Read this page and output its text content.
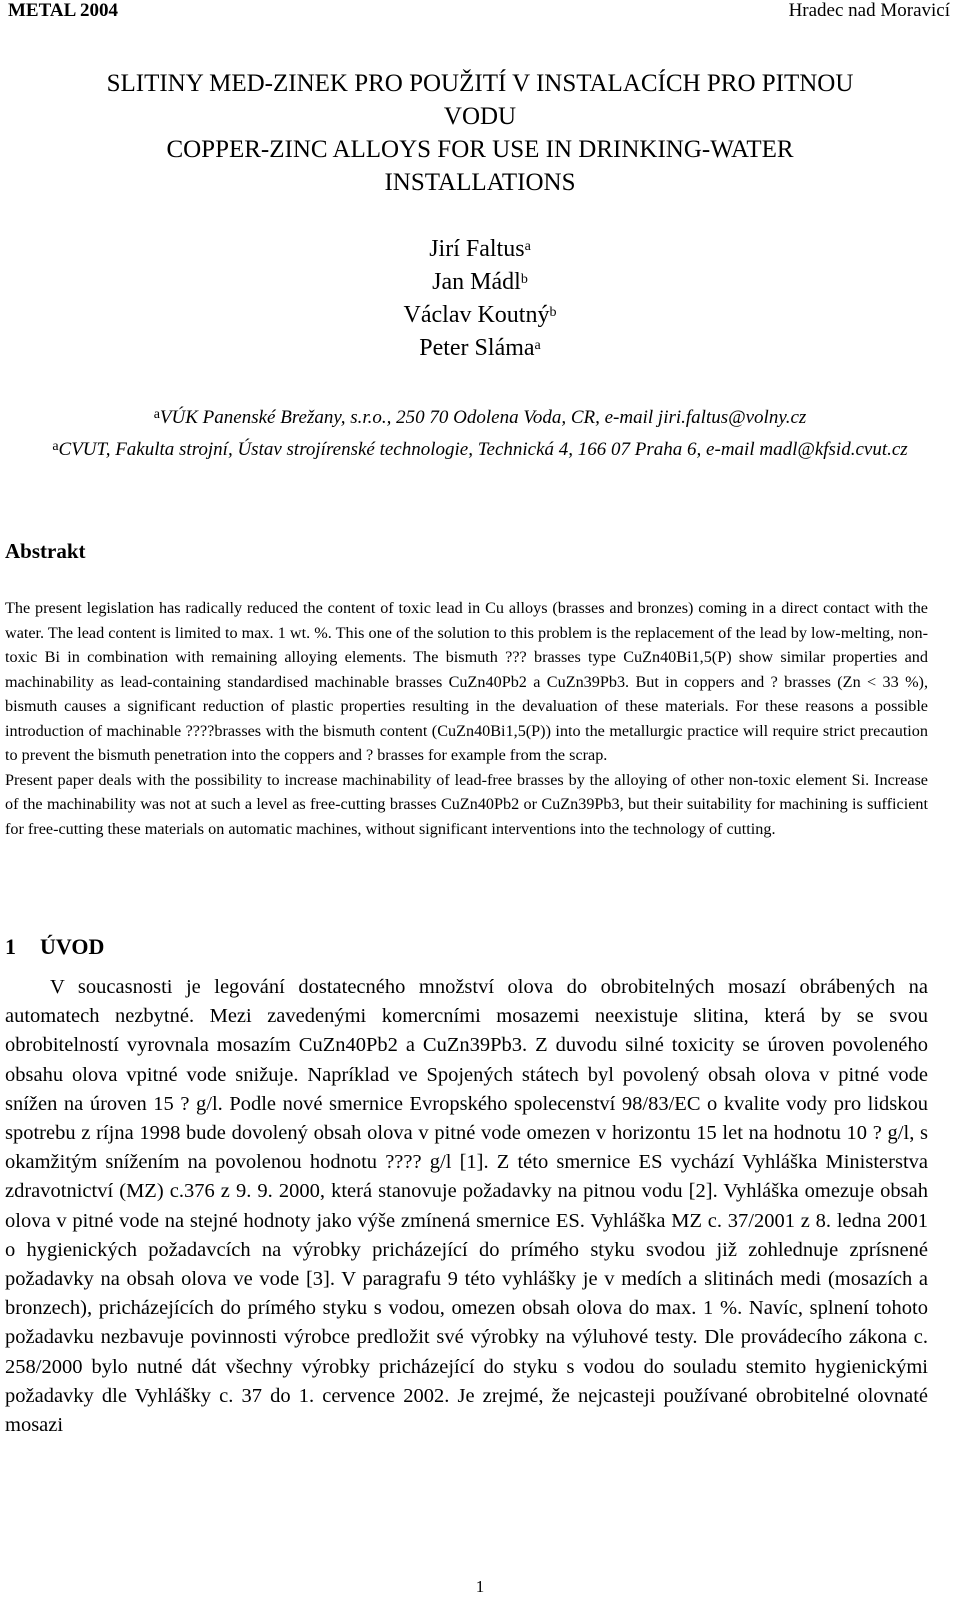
METAL 2004	Hradec nad Moravicí
SLITINY MED-ZINEK PRO POUŽITÍ V INSTALACÍCH PRO PITNOU
VODU
COPPER-ZINC ALLOYS FOR USE IN DRINKING-WATER
INSTALLATIONS
Jirí Faltus$^a$
Jan Mádl$^b$
Václav Koutný$^b$
Peter Sláma$^a$
$^a$VÚK Panenské Brežany, s.r.o., 250 70 Odolena Voda, CR, e-mail jiri.faltus@volny.cz
$^a$CVUT, Fakulta strojní, Ústav strojírenské technologie, Technická 4, 166 07 Praha 6, e-mail madl@kfsid.cvut.cz
Abstrakt

The present legislation has radically reduced the content of toxic lead in Cu alloys (brasses and bronzes) coming in a direct contact with the water. The lead content is limited to max. 1 wt. %. This one of the solution to this problem is the replacement of the lead by low-melting, non-toxic Bi in combination with remaining alloying elements. The bismuth ??? brasses type CuZn40Bi1,5(P) show similar properties and machinability as lead-containing standardised machinable brasses CuZn40Pb2 a CuZn39Pb3. But in coppers and ? brasses (Zn < 33 %), bismuth causes a significant reduction of plastic properties resulting in the devaluation of these materials. For these reasons a possible introduction of machinable ????brasses with the bismuth content (CuZn40Bi1,5(P)) into the metallurgic practice will require strict precaution to prevent the bismuth penetration into the coppers and ? brasses for example from the scrap.

Present paper deals with the possibility to increase machinability of lead-free brasses by the alloying of other non-toxic element Si. Increase of the machinability was not at such a level as free-cutting brasses CuZn40Pb2 or CuZn39Pb3, but their suitability for machining is sufficient for free-cutting these materials on automatic machines, without significant interventions into the technology of cutting.

1 ÚVOD

V soucasnosti je legování dostatecného množství olova do obrobitelných mosazí obrábených na automatech nezbytné. Mezi zavedenými komercními mosazemi neexistuje slitina, která by se svou obrobitelností vyrovnala mosazím CuZn40Pb2 a CuZn39Pb3. Z duvodu silné toxicity se úroven povoleného obsahu olova vpitné vode snižuje. Napríklad ve Spojených státech byl povolený obsah olova v pitné vode snížen na úroven 15 ? g/l. Podle nové smernice Evropského spolecenství 98/83/EC o kvalite vody pro lidskou spotrebu z ríjna 1998 bude dovolený obsah olova v pitné vode omezen v horizontu 15 let na hodnotu 10 ? g/l, s okamžitým snížením na povolenou hodnotu ???? g/l [1]. Z této smernice ES vychází Vyhláška Ministerstva zdravotnictví (MZ) c.376 z 9. 9. 2000, která stanovuje požadavky na pitnou vodu [2]. Vyhláška omezuje obsah olova v pitné vode na stejné hodnoty jako výše zmínená smernice ES. Vyhláška MZ c. 37/2001 z 8. ledna 2001 o hygienických požadavcích na výrobky pricházející do prímého styku svodou již zohlednuje zprísnené požadavky na obsah olova ve vode [3]. V paragrafu 9 této vyhlášky je v medích a slitinách medi (mosazích a bronzech), pricházejících do prímého styku s vodou, omezen obsah olova do max. 1 %. Navíc, splnení tohoto požadavku nezbavuje povinnosti výrobce predložit své výrobky na výluhové testy. Dle provádecího zákona c. 258/2000 bylo nutné dát všechny výrobky pricházející do styku s vodou do souladu stemito hygienickými požadavky dle Vyhlášky c. 37 do 1. cervence 2002. Je zrejmé, že nejcasteji používané obrobitelné olovnaté mosazi

1
